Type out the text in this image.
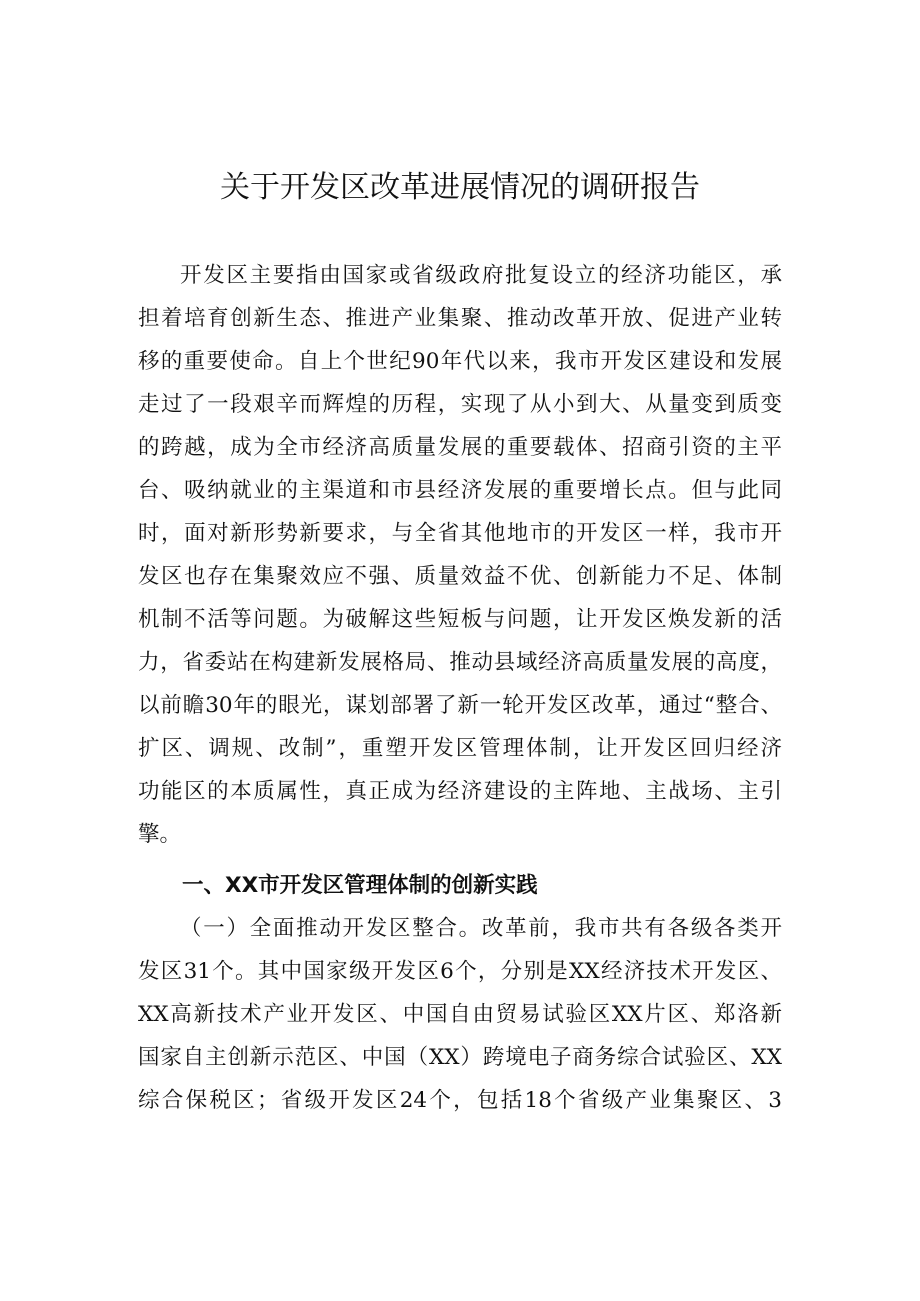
关于开发区改革进展情况的调研报告

开发区主要指由国家或省级政府批复设立的经济功能区，承

担着培育创新生态、推进产业集聚、推动改革开放、促进产业转

移的重要使命。自上个世纪90年代以来，我市开发区建设和发展

走过了一段艰辛而辉煌的历程，实现了从小到大、从量变到质变

的跨越，成为全市经济高质量发展的重要载体、招商引资的主平

台、吸纳就业的主渠道和市县经济发展的重要增长点。但与此同

时，面对新形势新要求，与全省其他地市的开发区一样，我市开

发区也存在集聚效应不强、质量效益不优、创新能力不足、体制

机制不活等问题。为破解这些短板与问题，让开发区焕发新的活

力，省委站在构建新发展格局、推动县域经济高质量发展的高度，

以前瞻30年的眼光，谋划部署了新一轮开发区改革，通过“整合、

扩区、调规、改制”，重塑开发区管理体制，让开发区回归经济

功能区的本质属性，真正成为经济建设的主阵地、主战场、主引

擎。

一、XX市开发区管理体制的创新实践

（一）全面推动开发区整合。改革前，我市共有各级各类开

发区31个。其中国家级开发区6个，分别是XX经济技术开发区、

XX高新技术产业开发区、中国自由贸易试验区XX片区、郑洛新

国家自主创新示范区、中国（XX）跨境电子商务综合试验区、XX

综合保税区；省级开发区24个，包括18个省级产业集聚区、3
